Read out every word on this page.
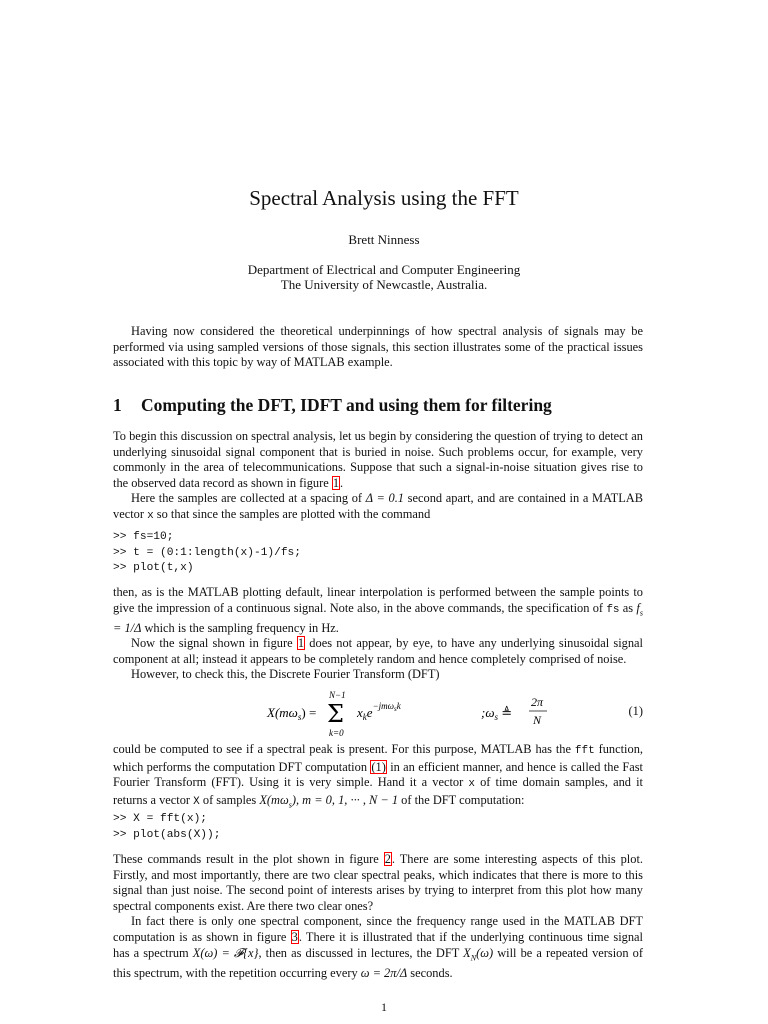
Spectral Analysis using the FFT
Brett Ninness
Department of Electrical and Computer Engineering
The University of Newcastle, Australia.
Having now considered the theoretical underpinnings of how spectral analysis of signals may be performed via using sampled versions of those signals, this section illustrates some of the practical issues associated with this topic by way of MATLAB example.
1 Computing the DFT, IDFT and using them for filtering

To begin this discussion on spectral analysis, let us begin by considering the question of trying to detect an underlying sinusoidal signal component that is buried in noise. Such problems occur, for example, very commonly in the area of telecommunications. Suppose that such a signal-in-noise situation gives rise to the observed data record as shown in figure 1.

Here the samples are collected at a spacing of Δ = 0.1 second apart, and are contained in a MATLAB vector x so that since the samples are plotted with the command

>> fs=10;
>> t = (0:1:length(x)-1)/fs;
>> plot(t,x)

then, as is the MATLAB plotting default, linear interpolation is performed between the sample points to give the impression of a continuous signal. Note also, in the above commands, the specification of fs as $f_s = 1/\Delta$ which is the sampling frequency in Hz.

Now the signal shown in figure 1 does not appear, by eye, to have any underlying sinusoidal signal component at all; instead it appears to be completely random and hence completely comprised of noise.

However, to check this, the Discrete Fourier Transform (DFT)

$X(m\omega_s)$ =
N−1
Σ
k=0
$x_ke^{-jm\omega}sk$	$;\omega_s$ ≜
2π
N
(1)

could be computed to see if a spectral peak is present. For this purpose, MATLAB has the fft function, which performs the computation DFT computation (1) in an efficient manner, and hence is called the Fast Fourier Transform (FFT). Using it is very simple. Hand it a vector x of time domain samples, and it returns a vector X of samples $X(m\omega_s)$, m = 0, 1, ··· , N − 1 of the DFT computation:

>> X = fft(x);
>> plot(abs(X));

These commands result in the plot shown in figure 2. There are some interesting aspects of this plot. Firstly, and most importantly, there are two clear spectral peaks, which indicates that there is more to this signal than just noise. The second point of interests arises by trying to interpret from this plot how many spectral components exist. Are there two clear ones?

In fact there is only one spectral component, since the frequency range used in the MATLAB DFT computation is as shown in figure 3. There it is illustrated that if the underlying continuous time signal has a spectrum X(ω) = 𝓕{x}, then as discussed in lectures, the DFT $X_N(\omega)$ will be a repeated version of this spectrum, with the repetition occurring every ω = 2π/Δ seconds.

1
